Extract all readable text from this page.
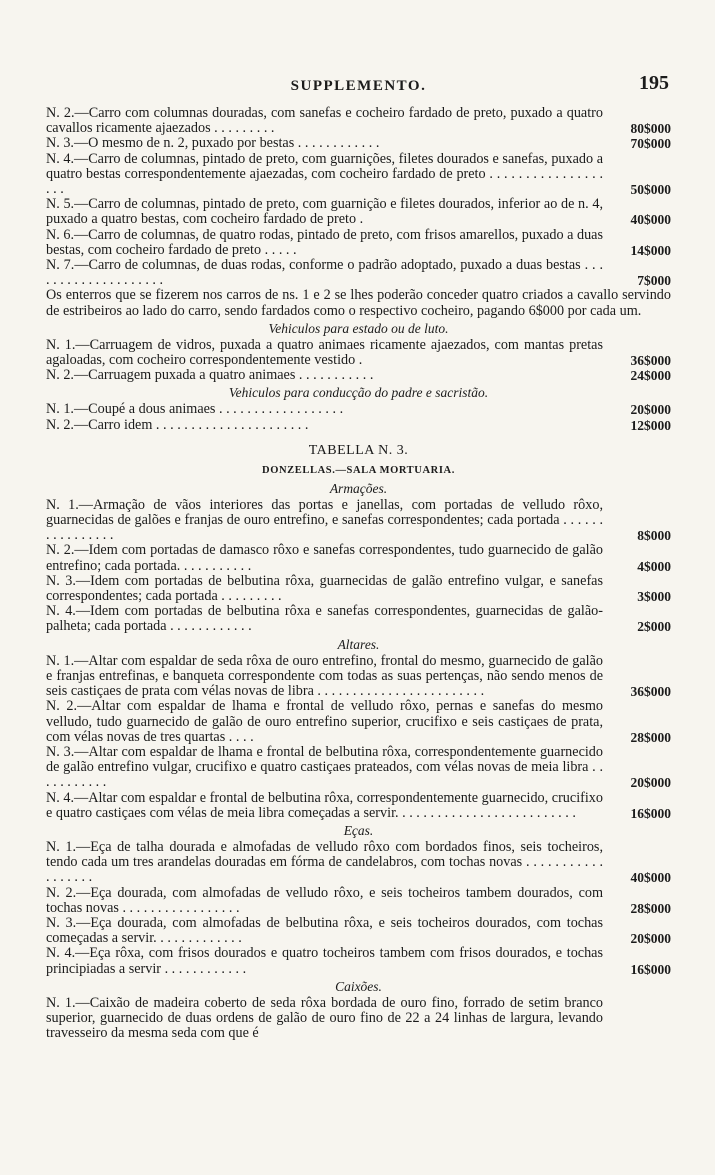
SUPPLEMENTO.	195
N. 2.—Carro com columnas douradas, com sanefas e cocheiro fardado de preto, puxado a quatro cavallos ricamente ajaezados . . . . . . . . .	80$000
N. 3.—O mesmo de n. 2, puxado por bestas . . . . . . . . . . . .	70$000
N. 4.—Carro de columnas, pintado de preto, com guarnições, filetes dourados e sanefas, puxado a quatro bestas correspondentemente ajaezadas, com cocheiro fardado de preto . . . . . . . . . . . . . . . . . . .	50$000
N. 5.—Carro de columnas, pintado de preto, com guarnição e filetes dourados, inferior ao de n. 4, puxado a quatro bestas, com cocheiro fardado de preto .	40$000
N. 6.—Carro de columnas, de quatro rodas, pintado de preto, com frisos amarellos, puxado a duas bestas, com cocheiro fardado de preto . . . . .	14$000
N. 7.—Carro de columnas, de duas rodas, conforme o padrão adoptado, puxado a duas bestas . . . . . . . . . . . . . . . . . . . .	7$000
Os enterros que se fizerem nos carros de ns. 1 e 2 se lhes poderão conceder quatro criados a cavallo servindo de estribeiros ao lado do carro, sendo fardados como o respectivo cocheiro, pagando 6$000 por cada um.
Vehiculos para estado ou de luto.
N. 1.—Carruagem de vidros, puxada a quatro animaes ricamente ajaezados, com mantas pretas agaloadas, com cocheiro correspondentemente vestido .	36$000
N. 2.—Carruagem puxada a quatro animaes . . . . . . . . . . .	24$000
Vehiculos para conducção do padre e sacristão.
N. 1.—Coupé a dous animaes . . . . . . . . . . . . . . . . . .	20$000
N. 2.—Carro idem . . . . . . . . . . . . . . . . . . . . . .	12$000
TABELLA N. 3.
DONZELLAS.—SALA MORTUARIA.
Armações.
N. 1.—Armação de vãos interiores das portas e janellas, com portadas de velludo rôxo, guarnecidas de galões e franjas de ouro entrefino, e sanefas correspondentes; cada portada . . . . . . . . . . . . . . . .	8$000
N. 2.—Idem com portadas de damasco rôxo e sanefas correspondentes, tudo guarnecido de galão entrefino; cada portada. . . . . . . . . . .	4$000
N. 3.—Idem com portadas de belbutina rôxa, guarnecidas de galão entrefino vulgar, e sanefas correspondentes; cada portada . . . . . . . . .	3$000
N. 4.—Idem com portadas de belbutina rôxa e sanefas correspondentes, guarnecidas de galão-palheta; cada portada . . . . . . . . . . . .	2$000
Altares.
N. 1.—Altar com espaldar de seda rôxa de ouro entrefino, frontal do mesmo, guarnecido de galão e franjas entrefinas, e banqueta correspondente com todas as suas pertenças, não sendo menos de seis castiçaes de prata com vélas novas de libra . . . . . . . . . . . . . . . . . . . . . . . .	36$000
N. 2.—Altar com espaldar de lhama e frontal de velludo rôxo, pernas e sanefas do mesmo velludo, tudo guarnecido de galão de ouro entrefino superior, crucifixo e seis castiçaes de prata, com vélas novas de tres quartas . . . .	28$000
N. 3.—Altar com espaldar de lhama e frontal de belbutina rôxa, correspondentemente guarnecido de galão entrefino vulgar, crucifixo e quatro castiçaes prateados, com vélas novas de meia libra . . . . . . . . . . .	20$000
N. 4.—Altar com espaldar e frontal de belbutina rôxa, correspondentemente guarnecido, crucifixo e quatro castiçaes com vélas de meia libra começadas a servir. . . . . . . . . . . . . . . . . . . . . . . . . .	16$000
Eças.
N. 1.—Eça de talha dourada e almofadas de velludo rôxo com bordados finos, seis tocheiros, tendo cada um tres arandelas douradas em fórma de candelabros, com tochas novas . . . . . . . . . . . . . . . . . .	40$000
N. 2.—Eça dourada, com almofadas de velludo rôxo, e seis tocheiros tambem dourados, com tochas novas . . . . . . . . . . . . . . . . .	28$000
N. 3.—Eça dourada, com almofadas de belbutina rôxa, e seis tocheiros dourados, com tochas começadas a servir. . . . . . . . . . . . .	20$000
N. 4.—Eça rôxa, com frisos dourados e quatro tocheiros tambem com frisos dourados, e tochas principiadas a servir . . . . . . . . . . . .	16$000
Caixões.
N. 1.—Caixão de madeira coberto de seda rôxa bordada de ouro fino, forrado de setim branco superior, guarnecido de duas ordens de galão de ouro fino de 22 a 24 linhas de largura, levando travesseiro da mesma seda com que é
